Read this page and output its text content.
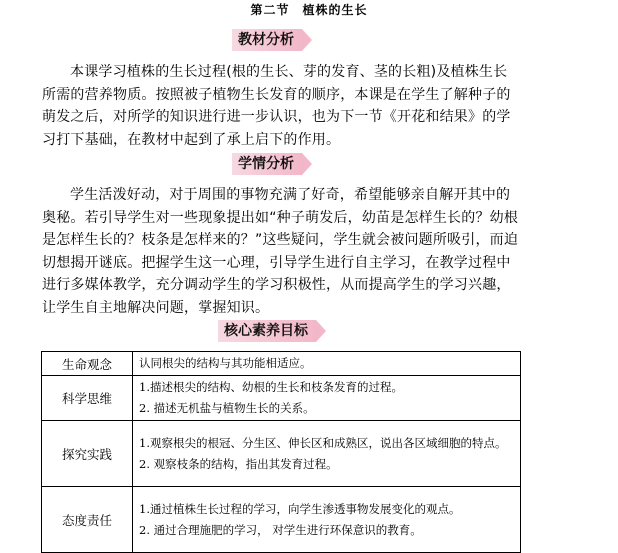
第二节　植株的生长
教材分析

本课学习植株的生长过程(根的生长、芽的发育、茎的长粗)及植株生长所需的营养物质。按照被子植物生长发育的顺序，本课是在学生了解种子的萌发之后，对所学的知识进行进一步认识，也为下一节《开花和结果》的学习打下基础，在教材中起到了承上启下的作用。

学情分析

学生活泼好动，对于周围的事物充满了好奇，希望能够亲自解开其中的奥秘。若引导学生对一些现象提出如“种子萌发后，幼苗是怎样生长的？幼根是怎样生长的？枝条是怎样来的？”这些疑问，学生就会被问题所吸引，而迫切想揭开谜底。把握学生这一心理，引导学生进行自主学习，在教学过程中进行多媒体教学，充分调动学生的学习积极性，从而提高学生的学习兴趣，让学生自主地解决问题，掌握知识。

核心素养目标
生命观念	认同根尖的结构与其功能相适应。

科学思维	1.描述根尖的结构、幼根的生长和枝条发育的过程。
2. 描述无机盐与植物生长的关系。

探究实践	1.观察根尖的根冠、分生区、伸长区和成熟区，说出各区域细胞的特点。
2. 观察枝条的结构，指出其发育过程。

态度责任	1.通过植株生长过程的学习，向学生渗透事物发展变化的观点。
2. 通过合理施肥的学习， 对学生进行环保意识的教育。
